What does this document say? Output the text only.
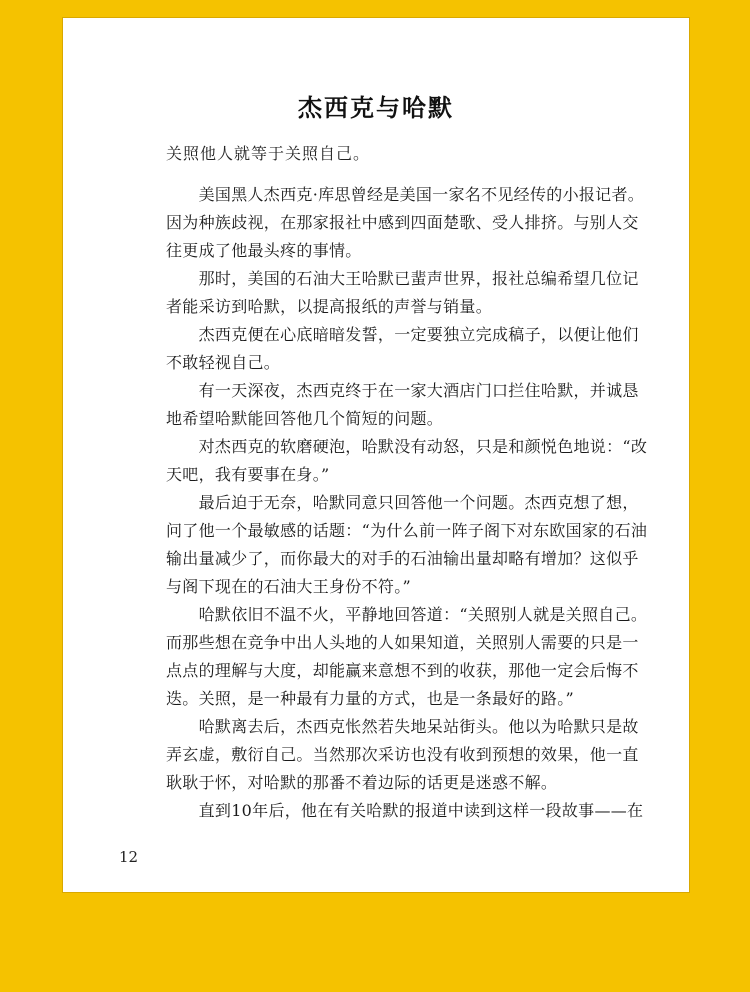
杰西克与哈默
关照他人就等于关照自己。
　　美国黑人杰西克·库思曾经是美国一家名不见经传的小报记者。
因为种族歧视，在那家报社中感到四面楚歌、受人排挤。与别人交
往更成了他最头疼的事情。
　　那时，美国的石油大王哈默已蜚声世界，报社总编希望几位记
者能采访到哈默，以提高报纸的声誉与销量。
　　杰西克便在心底暗暗发誓，一定要独立完成稿子，以便让他们
不敢轻视自己。
　　有一天深夜，杰西克终于在一家大酒店门口拦住哈默，并诚恳
地希望哈默能回答他几个简短的问题。
　　对杰西克的软磨硬泡，哈默没有动怒，只是和颜悦色地说：“改
天吧，我有要事在身。”
　　最后迫于无奈，哈默同意只回答他一个问题。杰西克想了想，
问了他一个最敏感的话题：“为什么前一阵子阁下对东欧国家的石油
输出量减少了，而你最大的对手的石油输出量却略有增加？这似乎
与阁下现在的石油大王身份不符。”
　　哈默依旧不温不火，平静地回答道：“关照别人就是关照自己。
而那些想在竞争中出人头地的人如果知道，关照别人需要的只是一
点点的理解与大度，却能赢来意想不到的收获，那他一定会后悔不
迭。关照，是一种最有力量的方式，也是一条最好的路。”
　　哈默离去后，杰西克怅然若失地呆站街头。他以为哈默只是故
弄玄虚，敷衍自己。当然那次采访也没有收到预想的效果，他一直
耿耿于怀，对哈默的那番不着边际的话更是迷惑不解。
　　直到10年后，他在有关哈默的报道中读到这样一段故事——在
12
